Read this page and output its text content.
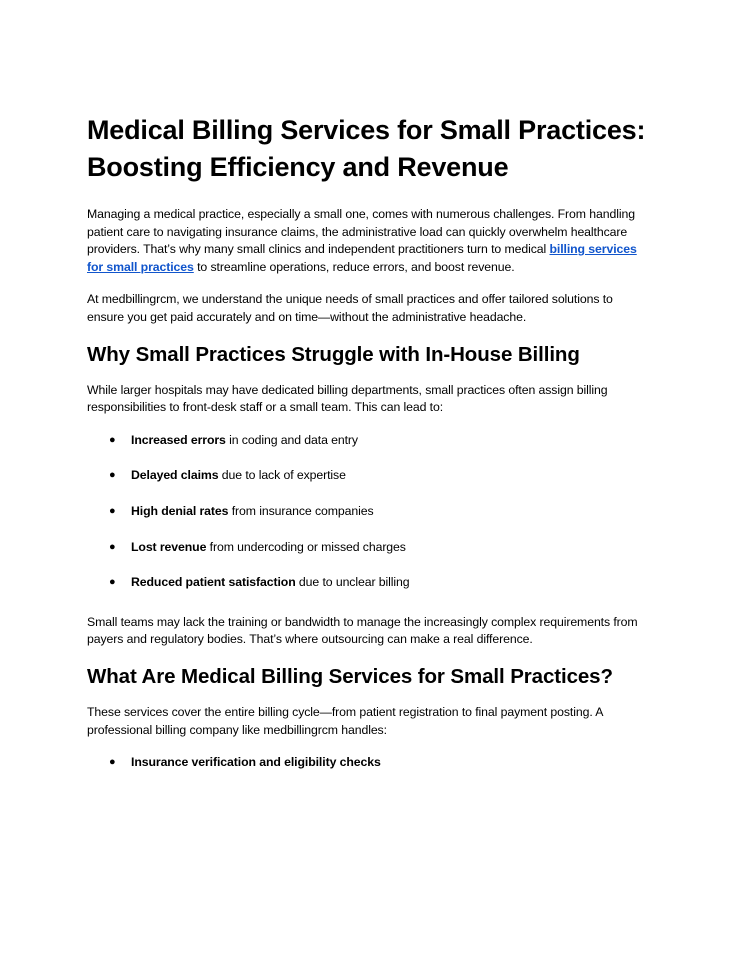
Medical Billing Services for Small Practices: Boosting Efficiency and Revenue

Managing a medical practice, especially a small one, comes with numerous challenges. From handling patient care to navigating insurance claims, the administrative load can quickly overwhelm healthcare providers. That’s why many small clinics and independent practitioners turn to medical billing services for small practices to streamline operations, reduce errors, and boost revenue.

At medbillingrcm, we understand the unique needs of small practices and offer tailored solutions to ensure you get paid accurately and on time—without the administrative headache.

Why Small Practices Struggle with In-House Billing

While larger hospitals may have dedicated billing departments, small practices often assign billing responsibilities to front-desk staff or a small team. This can lead to:

● Increased errors in coding and data entry
● Delayed claims due to lack of expertise
● High denial rates from insurance companies
● Lost revenue from undercoding or missed charges
● Reduced patient satisfaction due to unclear billing

Small teams may lack the training or bandwidth to manage the increasingly complex requirements from payers and regulatory bodies. That’s where outsourcing can make a real difference.

What Are Medical Billing Services for Small Practices?

These services cover the entire billing cycle—from patient registration to final payment posting. A professional billing company like medbillingrcm handles:

● Insurance verification and eligibility checks
